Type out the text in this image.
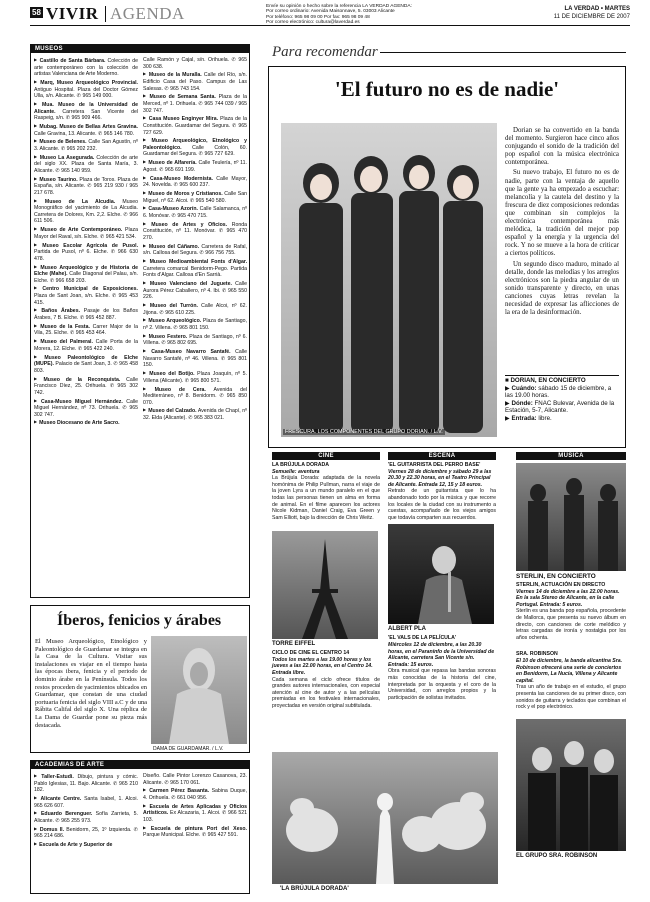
58 VIVIR AGENDA	Envíe su opinión o hecho sobre la referencia LA VERDAD AGENDA:
Por correo ordinario: Avenida Maisonnave, 5. 03003 Alicante
Por teléfono: 965 98 09 00 Por fax: 965 98 09 48
Por correo electrónico: cultura@laverdad.es
LA VERDAD • MARTES
11 DE DICIEMBRE DE 2007
MUSEOS
▶ Castillo de Santa Bárbara. Colección de arte contemporáneo con la colección de artistas Valenciana de Arte Moderno.
▶ Marq, Museo Arqueológico Provincial. Antiguo Hospital. Plaza del Doctor Gómez Ulla, s/n. Alicante. ✆ 965 149 000.
▶ Mua. Museo de la Universidad de Alicante. Carretera San Vicente del Raspeig, s/n. ✆ 965 909 466.
▶ Mubag. Museo de Bellas Artes Gravina. Calle Gravina, 13. Alicante. ✆ 965 146 780.
▶ Museo de Belenes. Calle San Agustín, nº 3. Alicante. ✆ 965 202 232.
▶ Museo La Asegurada. Colección de arte del siglo XX. Plaza de Santa María, 3. Alicante. ✆ 965 140 959.
▶ Museo Taurino. Plaza de Toros. Plaza de España, s/n. Alicante. ✆ 965 219 930 / 965 217 678.
▶ Museo de La Alcudia. Museo Monográfico del yacimiento de La Alcudia. Carretera de Dolores, Km. 2,2. Elche. ✆ 966 611 506.
▶ Museo de Arte Contemporáneo. Plaza Mayor del Raval, s/n. Elche. ✆ 965 421 534.
▶ Museo Escolar Agrícola de Pusol. Partida de Pusol, nº 6. Elche. ✆ 966 630 478.
▶ Museo Arqueológico y de Historia de Elche (Mahe). Calle Diagonal del Palau, s/n. Elche. ✆ 966 658 203.
▶ Centro Municipal de Exposiciones. Plaza de Sant Joan, s/n. Elche. ✆ 965 453 415.
▶ Baños Árabes. Pasaje de los Baños Árabes, 7 B. Elche. ✆ 965 452 887.
▶ Museo de la Festa. Carrer Major de la Vila, 25. Elche. ✆ 965 453 464.
▶ Museo del Palmeral. Calle Porta de la Morera, 12. Elche. ✆ 965 422 240.
▶ Museo Paleontológico de Elche (MUPE). Palacio de Sant Joan, 3. ✆ 965 458 803.
▶ Museo de la Reconquista. Calle Francisco Díez, 25. Orihuela. ✆ 965 302 742.
▶ Casa-Museo Miguel Hernández. Calle Miguel Hernández, nº 73. Orihuela. ✆ 965 302 747.
▶ Museo Diocesano de Arte Sacro.
Calle Ramón y Cajal, s/n. Orihuela. ✆ 965 300 638.
▶ Museo de la Muralla. Calle del Río, s/n. Edificio Casa del Paso. Campus de Las Salesas. ✆ 965 743 154.
▶ Museo de Semana Santa. Plaza de la Merced, nº 1. Orihuela. ✆ 965 744 039 / 965 302 747.
▶ Casa Museo Enginyer Mira. Plaza de la Constitución. Guardamar del Segura. ✆ 965 727 629.
▶ Museo Arqueológico, Etnológico y Paleontológico. Calle Colón, 60. Guardamar del Segura. ✆ 965 727 629.
▶ Museo de Alfarería. Calle Teulería, nº 11. Agost. ✆ 965 691 199.
▶ Casa-Museo Modernista. Calle Mayor, 24. Novelda. ✆ 965 600 237.
▶ Museo de Moros y Cristianos. Calle San Miguel, nº 62. Alcoi. ✆ 965 540 580.
▶ Casa-Museo Azorín. Calle Salamanca, nº 6. Monóvar. ✆ 965 470 715.
▶ Museo de Artes y Oficios. Ronda Constitución, nº 11. Monóvar. ✆ 965 470 270.
▶ Museo del Cáñamo. Carretera de Rafal, s/n. Callosa del Segura. ✆ 966 756 755.
▶ Museo Medioambiental Fonts d'Algar. Carretera comarcal Benidorm-Pego. Partida Fonts d'Algar. Callosa d'En Sarrià.
▶ Museo Valenciano del Juguete. Calle Aurora Pérez Caballero, nº 4. Ibi. ✆ 965 550 226.
▶ Museo del Turrón. Calle Alcoi, nº 62. Jijona. ✆ 965 610 225.
▶ Museo Arqueológico. Plaza de Santiago, nº 2. Villena. ✆ 965 801 150.
▶ Museo Festero. Plaza de Santiago, nº 6. Villena. ✆ 965 802 695.
▶ Casa-Museo Navarro Santafé. Calle Navarro Santafé, nº 46. Villena. ✆ 965 801 150.
▶ Museo del Botijo. Plaza Joaquín, nº 5. Villena (Alicante). ✆ 965 800 571.
▶ Museo de Cera. Avenida del Mediterráneo, nº 8. Benidorm. ✆ 965 850 070.
▶ Museo del Calzado. Avenida de Chapí, nº 32. Elda (Alicante). ✆ 965 383 021.
Íberos, fenicios y árabes
El Museo Arqueológico, Etnológico y Paleontológico de Guardamar se integra en la Casa de la Cultura. Visitar sus instalaciones es viajar en el tiempo hasta las épocas ibera, fenicia y el periodo de dominio árabe en la Península. Todos los restos proceden de yacimientos ubicados en Guardamar, que constan de una ciudad portuaria fenicia del siglo VIII a.C y de una Rábita Califal del siglo X. Una réplica de La Dama de Guardar pone su pieza más destacada.
DAMA DE GUARDAMAR. / L.V.
ACADEMIAS DE ARTE
▶ Taller-Estudi. Dibujo, pintura y cómic. Pablo Iglesias, 11. Bajo. Alicante. ✆ 965 210 182.
▶ Alicante Centre. Santa Isabel, 1. Alcoi. 965 626 607.
▶ Eduardo Berenguer. Sofía Zarrieta, 5. Alicante. ✆ 965 255 973.
▶ Domus II. Benidorm, 25, 1º Izquierda. ✆ 965 214 686.
▶ Escuela de Arte y Superior de
Diseño. Calle Pintor Lorenzo Casanova, 23. Alicante. ✆ 965 170 061.
▶ Carmen Pérez Basanta. Sabina Duque, 4. Orihuela. ✆ 661 040 956.
▶ Escuela de Artes Aplicadas y Oficios Artísticos. Ex Alcazaria, 1. Alcoi. ✆ 966 521 103.
▶ Escuela de pintura Port del Xeso. Parque Municipal. Elche. ✆ 965 427 591.
Para recomendar
'El futuro no es de nadie'
FRESCURA. LOS COMPONENTES DEL GRUPO DORIAN. / L.V.

Dorian se ha convertido en la banda del momento. Surgieron hace cinco años conjugando el sonido de la tradición del pop español con la música electrónica contemporánea.

Su nuevo trabajo, El futuro no es de nadie, parte con la ventaja de aquello que la gente ya ha empezado a escuchar: melancolía y la cautela del destino y la frescura de diez composiciones redondas que combinan sin complejos la electrónica contemporánea más melódica, la tradición del mejor pop español y la energía y la urgencia del rock. Y no se mueve a la hora de criticar a ciertos políticos.

Un segundo disco maduro, minado al detalle, donde las melodías y los arreglos electrónicos son la piedra angular de un sonido transparente y directo, en unas canciones cuyas letras revelan la necesidad de expresar las aflicciones de la era de la desinformación.

■ DORIAN, EN CONCIERTO
▶ Cuándo: sábado 15 de diciembre, a las 19.00 horas.
▶ Dónde: FNAC Bulevar, Avenida de la Estación, 5-7, Alicante.
▶ Entrada: libre.
CINE
LA BRÚJULA DORADA
Semuelle: aventura
La Brújula Dorada: adaptada de la novela homónima de Philip Pullman, narra el viaje de la joven Lyra a un mundo paralelo en el que todas las personas tienen un alma en forma de animal. En el filme aparecen los actores Nicole Kidman, Daniel Craig, Eva Green y Sam Elliott, bajo la dirección de Chris Weitz.
TORRE EIFFEL
CICLO DE CINE EL CENTRO 14
Todos los martes a las 19.00 horas y los jueves a las 22.00 horas, en el Centro 14. Entrada libre.
Cada semana el ciclo ofrece títulos de grandes autores internacionales, con especial atención al cine de autor y a las películas premiadas en los festivales internacionales, proyectadas en versión original subtitulada.
ESCENA
'EL GUITARRISTA DEL PERRO BASE'
Viernes 28 de diciembre y sábado 29 a las 20.30 y 22.30 horas, en el Teatro Principal de Alicante. Entrada 12, 15 y 18 euros.
Retrato de un guitarrista que lo ha abandonado todo por la música y que recorre los locales de la ciudad con su instrumento a cuestas, acompañado de los viejos amigos que todavía comparten sus recuerdos.
ALBERT PLA
'EL VALS DE LA PELÍCULA'
Miércoles 12 de diciembre, a las 20.30 horas, en el Paraninfo de la Universidad de Alicante, carretera San Vicente s/n. Entrada: 15 euros.
Obra musical que repasa las bandas sonoras más conocidas de la historia del cine, interpretada por la orquesta y el coro de la Universidad, con arreglos propios y la participación de solistas invitados.
MÚSICA
STERLIN, EN CONCIERTO
STERLIN, ACTUACIÓN EN DIRECTO
Viernes 14 de diciembre a las 22.00 horas. En la sala Stereo de Alicante, en la calle Portugal. Entrada: 5 euros.
Sterlin es una banda pop española, procedente de Mallorca, que presenta su nuevo álbum en directo, con canciones de corte melódico y letras cargadas de ironía y nostalgia por los años ochenta.
SRA. ROBINSON
El 10 de diciembre, la banda alicantina Sra. Robinson ofrecerá una serie de conciertos en Benidorm, La Nucía, Villena y Alicante capital.
Tras un año de trabajo en el estudio, el grupo presenta las canciones de su primer disco, con sonidos de guitarra y teclados que combinan el rock y el pop electrónico.
EL GRUPO SRA. ROBINSON
'LA BRÚJULA DORADA'
